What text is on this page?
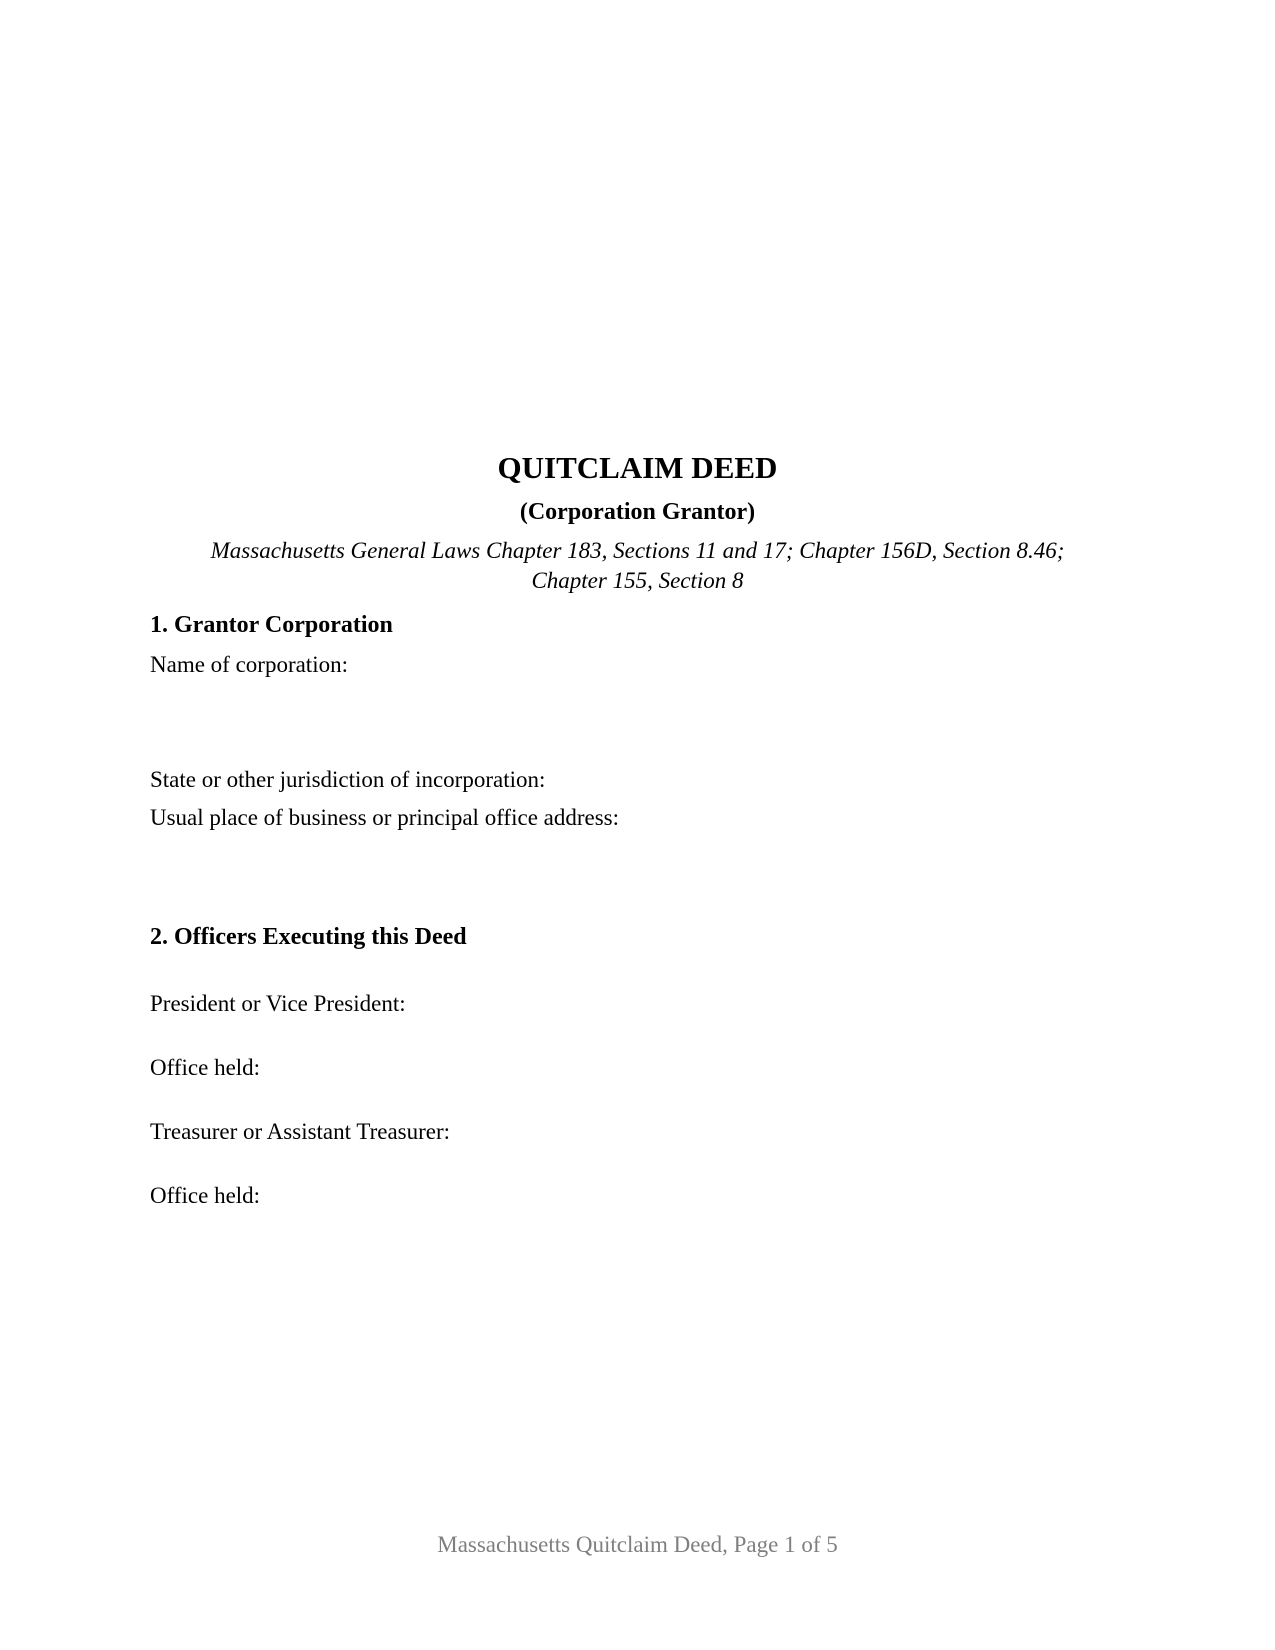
QUITCLAIM DEED
(Corporation Grantor)
Massachusetts General Laws Chapter 183, Sections 11 and 17; Chapter 156D, Section 8.46;
Chapter 155, Section 8
1. Grantor Corporation
Name of corporation:
State or other jurisdiction of incorporation:
Usual place of business or principal office address:
2. Officers Executing this Deed
President or Vice President:
Office held:
Treasurer or Assistant Treasurer:
Office held:
Massachusetts Quitclaim Deed, Page 1 of 5
